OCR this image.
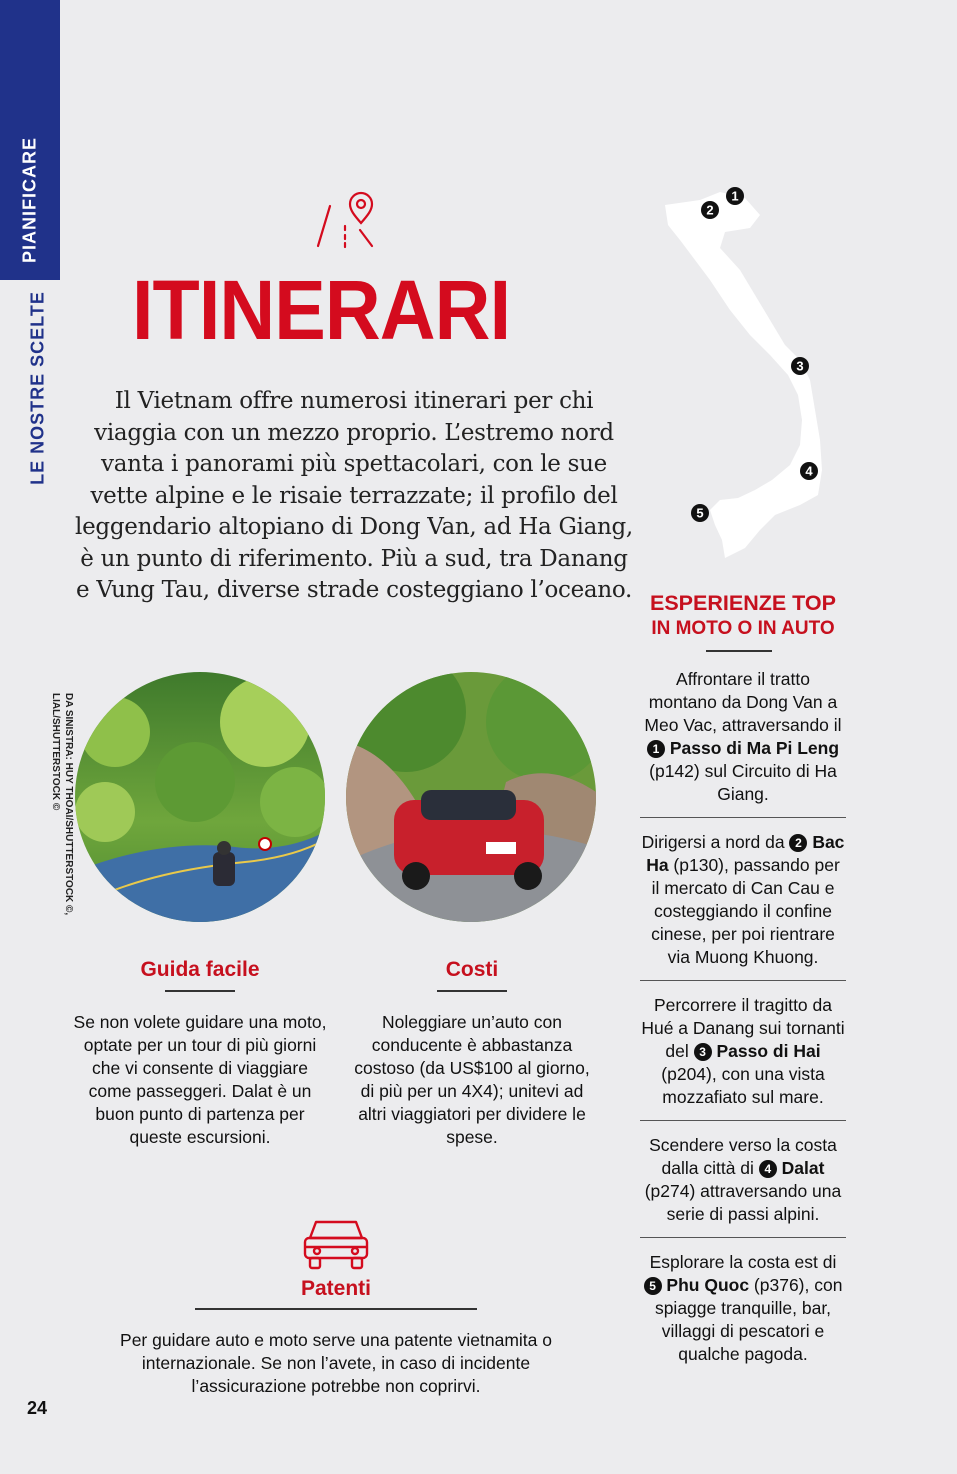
PIANIFICARE
LE NOSTRE SCELTE ITINERARI

Il Vietnam offre numerosi itinerari per chi viaggia con un mezzo proprio. L’estremo nord vanta i panorami più spettacolari, con le sue vette alpine e le risaie terrazzate; il profilo del leggendario altopiano di Dong Van, ad Ha Giang, è un punto di riferimento. Più a sud, tra Danang e Vung Tau, diverse strade costeggiano l’oceano.

DA SINISTRA: HUY THOAI/SHUTTERSTOCK ©, LIAL/SHUTTERSTOCK ©
Guida facile

Se non volete guidare una moto, optate per un tour di più giorni che vi consente di viaggiare come passeggeri. Dalat è un buon punto di partenza per queste escursioni.

Costi

Noleggiare un’auto con conducente è abbastanza costoso (da US$100 al giorno, di più per un 4X4); unitevi ad altri viaggiatori per dividere le spese.

Patenti

Per guidare auto e moto serve una patente vietnamita o internazionale. Se non l’avete, in caso di incidente l’assicurazione potrebbe non coprirvi.

1
2
3
4
5
ESPERIENZE TOP
IN MOTO O IN AUTO
Affrontare il tratto montano da Dong Van a Meo Vac, attraversando il 1 Passo di Ma Pi Leng (p142) sul Circuito di Ha Giang.
Dirigersi a nord da 2 Bac Ha (p130), passando per il mercato di Can Cau e costeggiando il confine cinese, per poi rientrare via Muong Khuong.
Percorrere il tragitto da Hué a Danang sui tornanti del 3 Passo di Hai (p204), con una vista mozzafiato sul mare.
Scendere verso la costa dalla città di 4 Dalat (p274) attraversando una serie di passi alpini.
Esplorare la costa est di 5 Phu Quoc (p376), con spiagge tranquille, bar, villaggi di pescatori e qualche pagoda.
24
